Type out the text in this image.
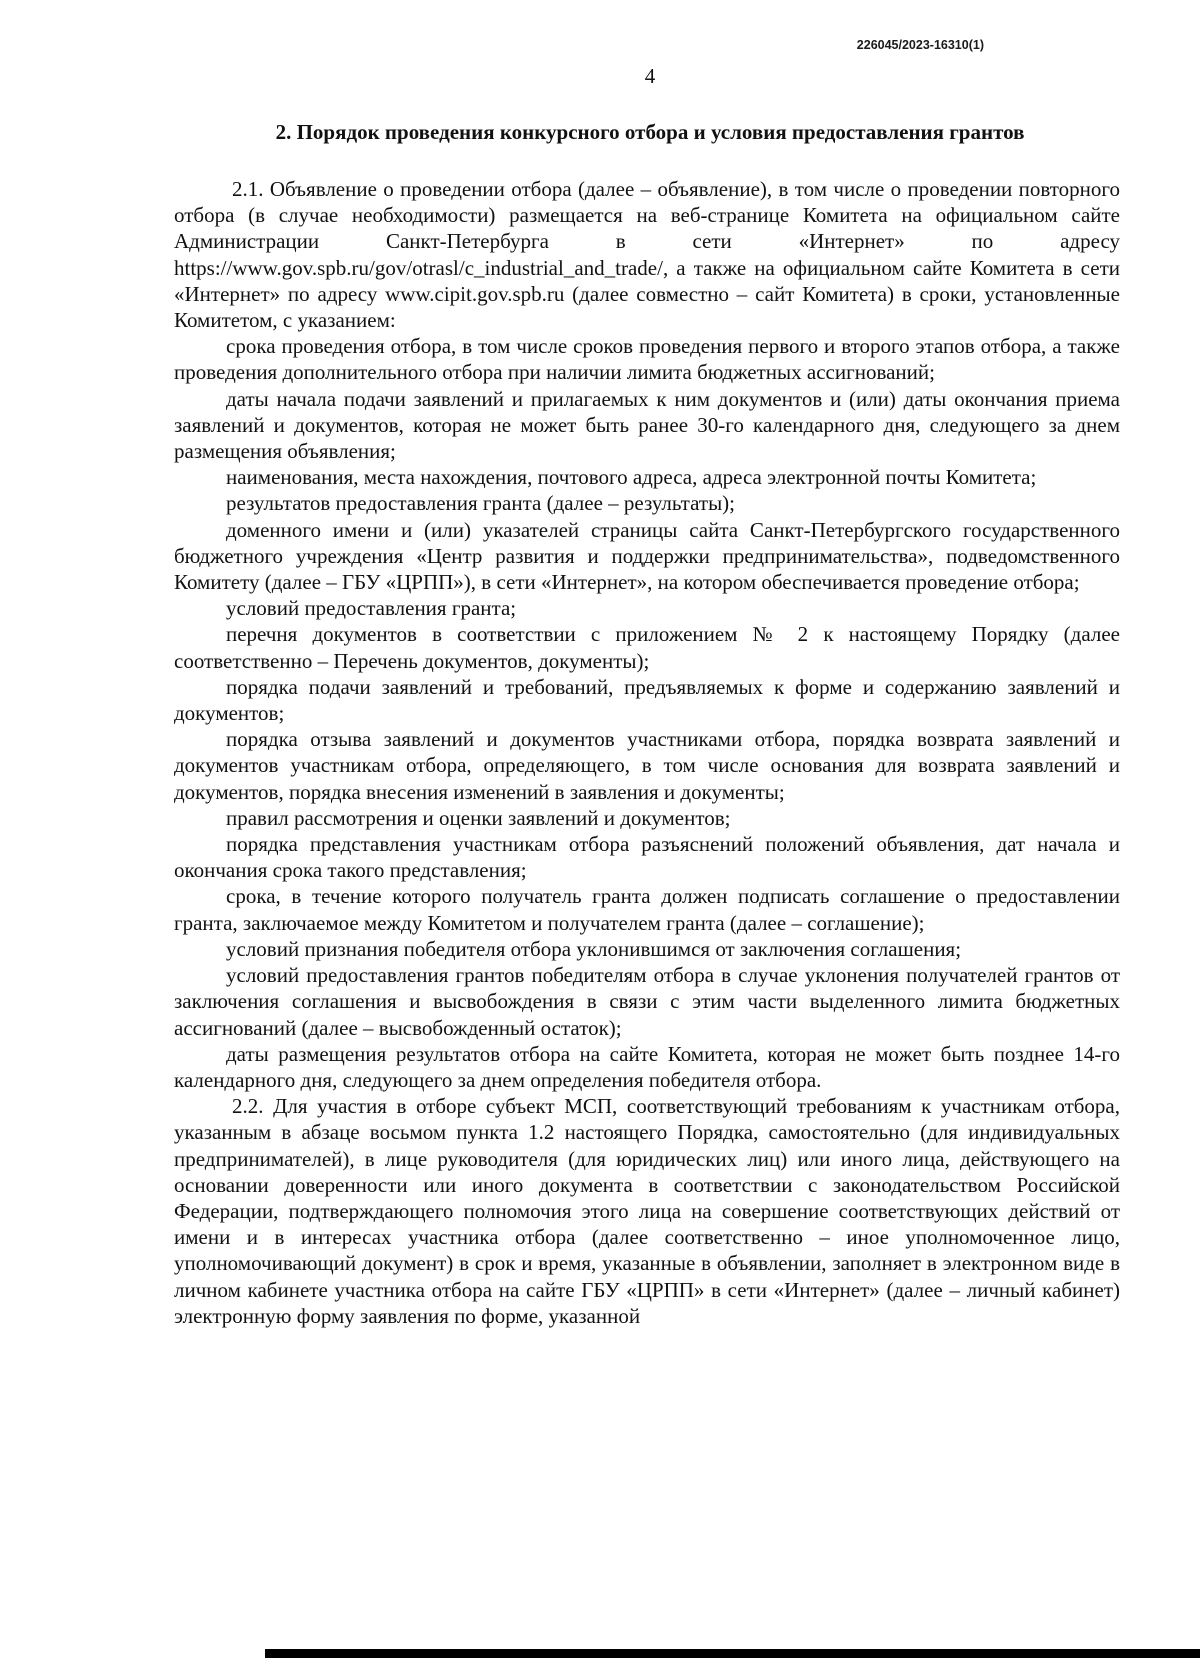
226045/2023-16310(1)
4
2. Порядок проведения конкурсного отбора и условия предоставления грантов

2.1. Объявление о проведении отбора (далее – объявление), в том числе о проведении повторного отбора (в случае необходимости) размещается на веб-странице Комитета на официальном сайте Администрации Санкт-Петербурга в сети «Интернет» по адресу https://www.gov.spb.ru/gov/otrasl/c_industrial_and_trade/, а также на официальном сайте Комитета в сети «Интернет» по адресу www.cipit.gov.spb.ru (далее совместно – сайт Комитета) в сроки, установленные Комитетом, с указанием:

срока проведения отбора, в том числе сроков проведения первого и второго этапов отбора, а также проведения дополнительного отбора при наличии лимита бюджетных ассигнований;

даты начала подачи заявлений и прилагаемых к ним документов и (или) даты окончания приема заявлений и документов, которая не может быть ранее 30-го календарного дня, следующего за днем размещения объявления;

наименования, места нахождения, почтового адреса, адреса электронной почты Комитета;

результатов предоставления гранта (далее – результаты);

доменного имени и (или) указателей страницы сайта Санкт-Петербургского государственного бюджетного учреждения «Центр развития и поддержки предпринимательства», подведомственного Комитету (далее – ГБУ «ЦРПП»), в сети «Интернет», на котором обеспечивается проведение отбора;

условий предоставления гранта;

перечня документов в соответствии с приложением № 2 к настоящему Порядку (далее соответственно – Перечень документов, документы);

порядка подачи заявлений и требований, предъявляемых к форме и содержанию заявлений и документов;

порядка отзыва заявлений и документов участниками отбора, порядка возврата заявлений и документов участникам отбора, определяющего, в том числе основания для возврата заявлений и документов, порядка внесения изменений в заявления и документы;

правил рассмотрения и оценки заявлений и документов;

порядка представления участникам отбора разъяснений положений объявления, дат начала и окончания срока такого представления;

срока, в течение которого получатель гранта должен подписать соглашение о предоставлении гранта, заключаемое между Комитетом и получателем гранта (далее – соглашение);

условий признания победителя отбора уклонившимся от заключения соглашения;

условий предоставления грантов победителям отбора в случае уклонения получателей грантов от заключения соглашения и высвобождения в связи с этим части выделенного лимита бюджетных ассигнований (далее – высвобожденный остаток);

даты размещения результатов отбора на сайте Комитета, которая не может быть позднее 14-го календарного дня, следующего за днем определения победителя отбора.

2.2. Для участия в отборе субъект МСП, соответствующий требованиям к участникам отбора, указанным в абзаце восьмом пункта 1.2 настоящего Порядка, самостоятельно (для индивидуальных предпринимателей), в лице руководителя (для юридических лиц) или иного лица, действующего на основании доверенности или иного документа в соответствии с законодательством Российской Федерации, подтверждающего полномочия этого лица на совершение соответствующих действий от имени и в интересах участника отбора (далее соответственно – иное уполномоченное лицо, уполномочивающий документ) в срок и время, указанные в объявлении, заполняет в электронном виде в личном кабинете участника отбора на сайте ГБУ «ЦРПП» в сети «Интернет» (далее – личный кабинет) электронную форму заявления по форме, указанной
